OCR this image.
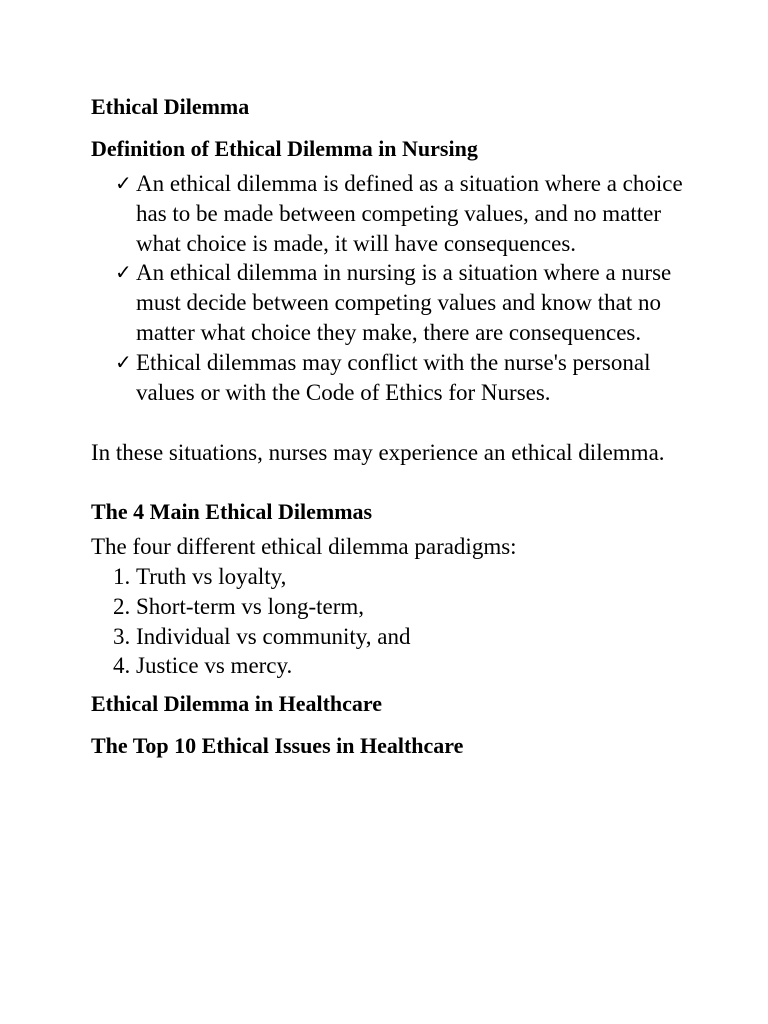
Ethical Dilemma
Definition of Ethical Dilemma in Nursing
✓ An ethical dilemma is defined as a situation where a choice has to be made between competing values, and no matter what choice is made, it will have consequences.
✓ An ethical dilemma in nursing is a situation where a nurse must decide between competing values and know that no matter what choice they make, there are consequences.
✓ Ethical dilemmas may conflict with the nurse's personal values or with the Code of Ethics for Nurses.

In these situations, nurses may experience an ethical dilemma.

The 4 Main Ethical Dilemmas

The four different ethical dilemma paradigms:

1. Truth vs loyalty,
2. Short-term vs long-term,
3. Individual vs community, and
4. Justice vs mercy.
Ethical Dilemma in Healthcare
The Top 10 Ethical Issues in Healthcare
